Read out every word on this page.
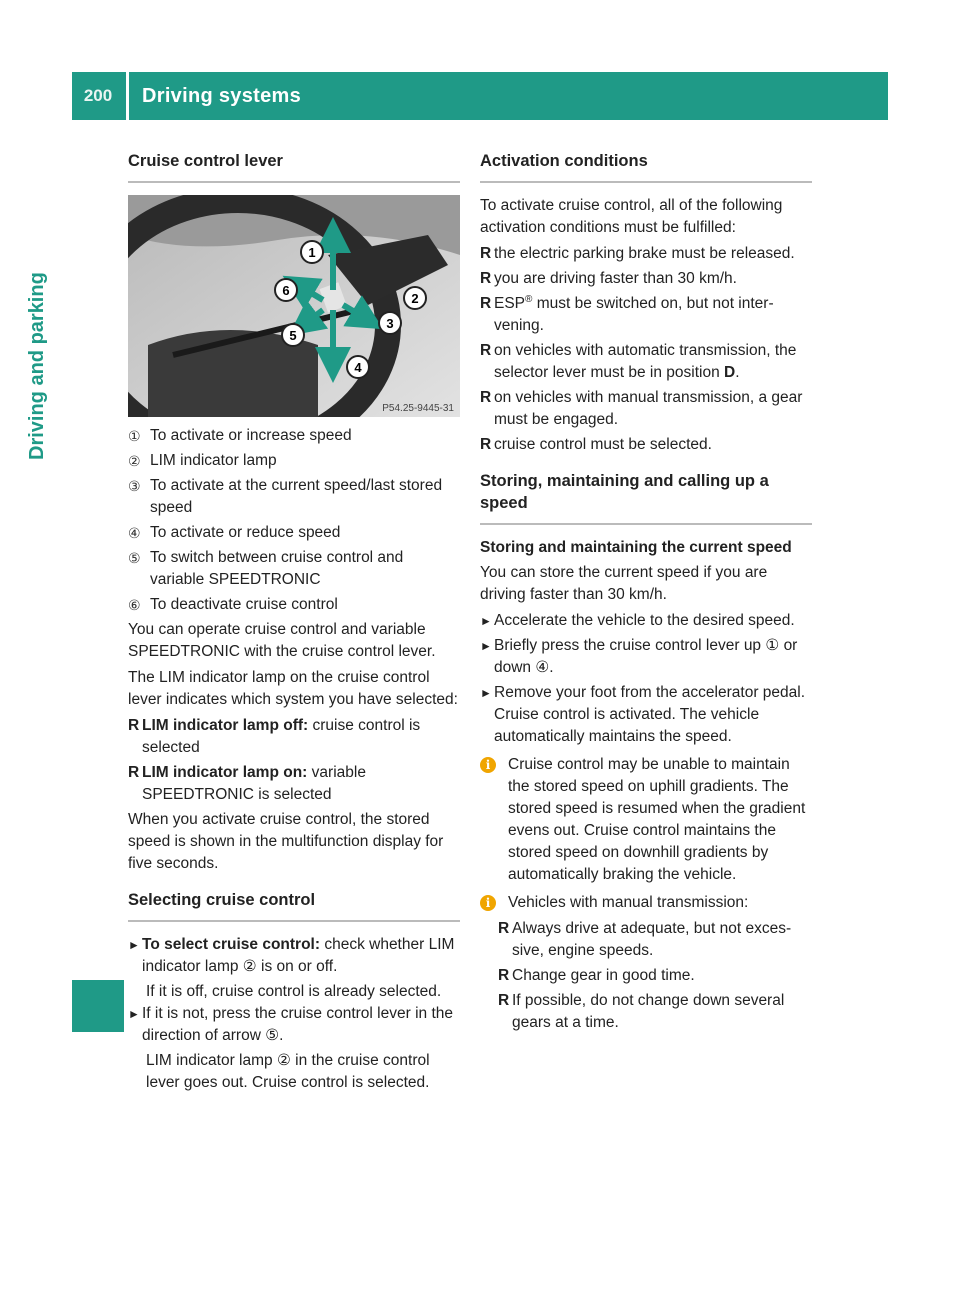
200	Driving systems
Driving and parking
Cruise control lever
1
2
3
4
5
6
P54.25-9445-31
① To activate or increase speed
② LIM indicator lamp
③ To activate at the current speed/last stored speed
④ To activate or reduce speed
⑤ To switch between cruise control and variable SPEEDTRONIC
⑥ To deactivate cruise control

You can operate cruise control and variable SPEEDTRONIC with the cruise control lever.

The LIM indicator lamp on the cruise control lever indicates which system you have selected:

R LIM indicator lamp off: cruise control is selected
R LIM indicator lamp on: variable SPEEDTRONIC is selected

When you activate cruise control, the stored speed is shown in the multifunction display for five seconds.

Selecting cruise control
► To select cruise control: check whether LIM indicator lamp ② is on or off.
If it is off, cruise control is already selected.
► If it is not, press the cruise control lever in the direction of arrow ⑤.
LIM indicator lamp ② in the cruise control lever goes out. Cruise control is selected.
Activation conditions

To activate cruise control, all of the following activation conditions must be fulfilled:

R the electric parking brake must be released.
R you are driving faster than 30 km/h.
R ESP® must be switched on, but not intervening.
R on vehicles with automatic transmission, the selector lever must be in position D.
R on vehicles with manual transmission, a gear must be engaged.
R cruise control must be selected.
Storing, maintaining and calling up a speed
Storing and maintaining the current speed

You can store the current speed if you are driving faster than 30 km/h.

► Accelerate the vehicle to the desired speed.
► Briefly press the cruise control lever up ① or down ④.
► Remove your foot from the accelerator pedal.
Cruise control is activated. The vehicle automatically maintains the speed.
i	Cruise control may be unable to maintain the stored speed on uphill gradients. The stored speed is resumed when the gradient evens out. Cruise control maintains the stored speed on downhill gradients by automatically braking the vehicle.
i	Vehicles with manual transmission:
R Always drive at adequate, but not excessive, engine speeds.
R Change gear in good time.
R If possible, do not change down several gears at a time.
